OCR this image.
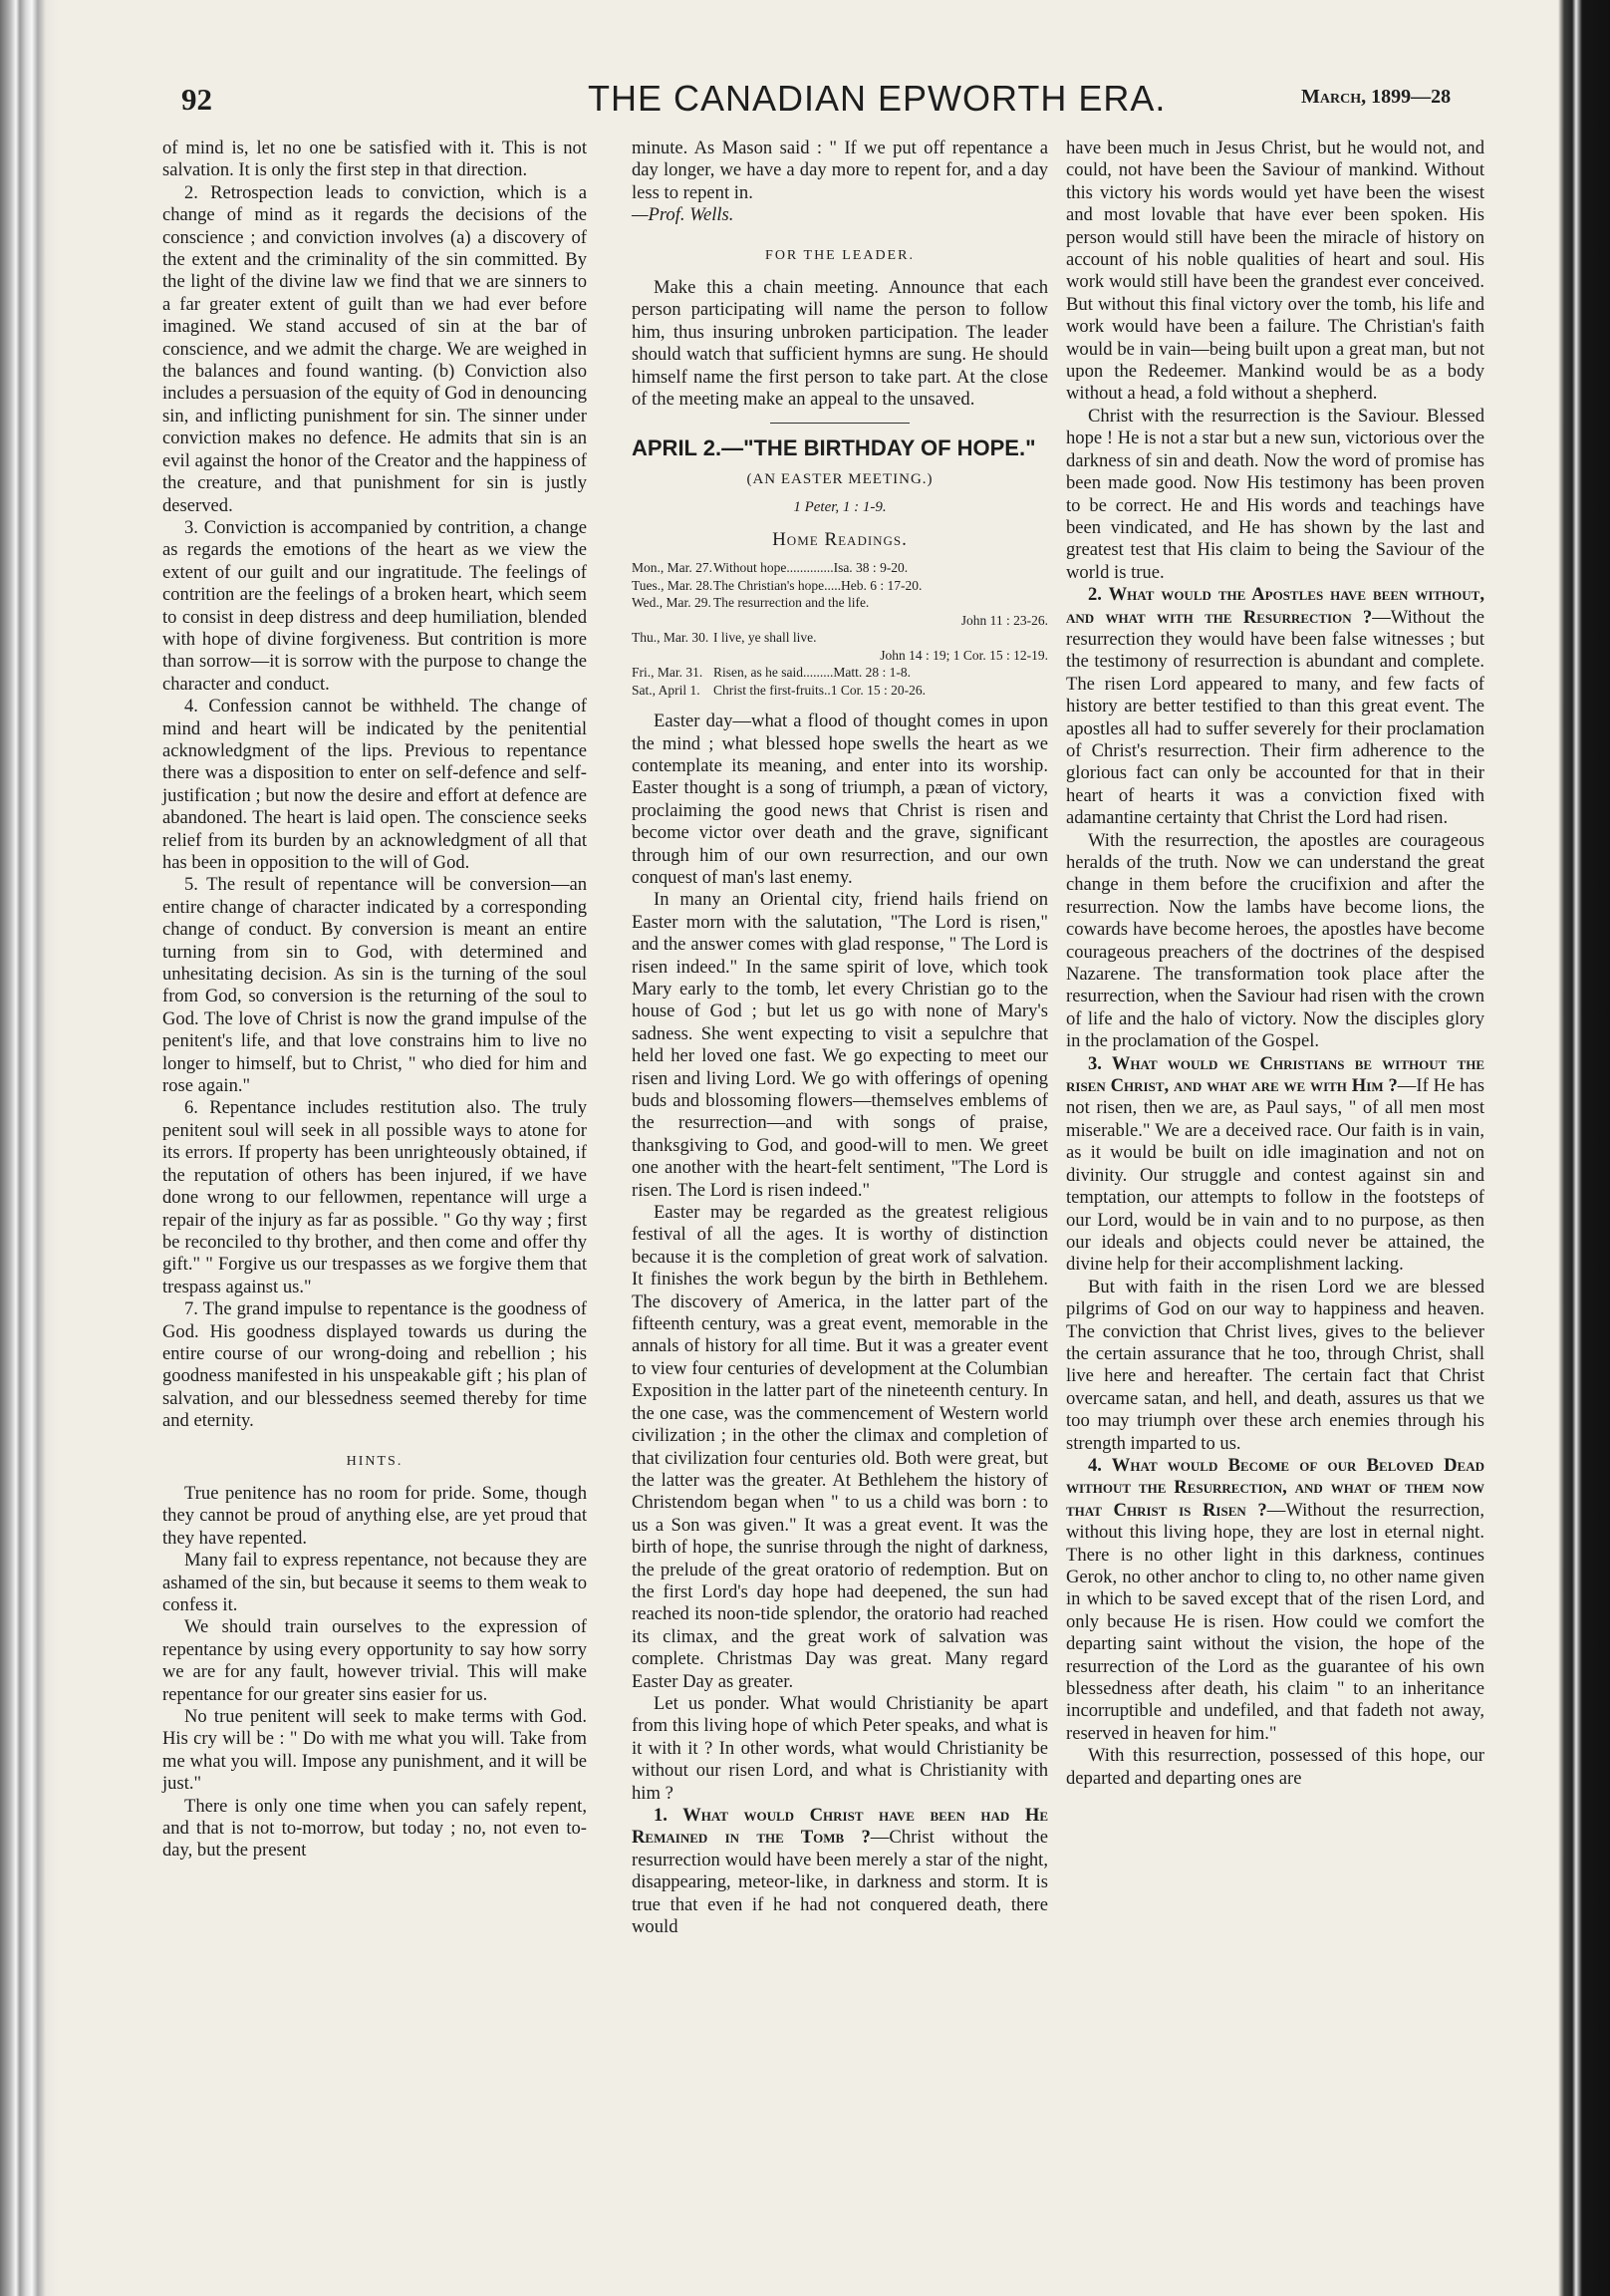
92	THE CANADIAN EPWORTH ERA.	March, 1899—28

of mind is, let no one be satisfied with it. This is not salvation. It is only the first step in that direction.

2. Retrospection leads to conviction, which is a change of mind as it regards the decisions of the conscience ; and conviction involves (a) a discovery of the extent and the criminality of the sin committed. By the light of the divine law we find that we are sinners to a far greater extent of guilt than we had ever before imagined. We stand accused of sin at the bar of conscience, and we admit the charge. We are weighed in the balances and found wanting. (b) Conviction also includes a persuasion of the equity of God in denouncing sin, and inflicting punishment for sin. The sinner under conviction makes no defence. He admits that sin is an evil against the honor of the Creator and the happiness of the creature, and that punishment for sin is justly deserved.

3. Conviction is accompanied by contrition, a change as regards the emotions of the heart as we view the extent of our guilt and our ingratitude. The feelings of contrition are the feelings of a broken heart, which seem to consist in deep distress and deep humiliation, blended with hope of divine forgiveness. But contrition is more than sorrow—it is sorrow with the purpose to change the character and conduct.

4. Confession cannot be withheld. The change of mind and heart will be indicated by the penitential acknowledgment of the lips. Previous to repentance there was a disposition to enter on self-defence and self-justification ; but now the desire and effort at defence are abandoned. The heart is laid open. The conscience seeks relief from its burden by an acknowledgment of all that has been in opposition to the will of God.

5. The result of repentance will be conversion—an entire change of character indicated by a corresponding change of conduct. By conversion is meant an entire turning from sin to God, with determined and unhesitating decision. As sin is the turning of the soul from God, so conversion is the returning of the soul to God. The love of Christ is now the grand impulse of the penitent's life, and that love constrains him to live no longer to himself, but to Christ, " who died for him and rose again."

6. Repentance includes restitution also. The truly penitent soul will seek in all possible ways to atone for its errors. If property has been unrighteously obtained, if the reputation of others has been injured, if we have done wrong to our fellowmen, repentance will urge a repair of the injury as far as possible. " Go thy way ; first be reconciled to thy brother, and then come and offer thy gift." " Forgive us our trespasses as we forgive them that trespass against us."

7. The grand impulse to repentance is the goodness of God. His goodness displayed towards us during the entire course of our wrong-doing and rebellion ; his goodness manifested in his unspeakable gift ; his plan of salvation, and our blessedness seemed thereby for time and eternity.

HINTS.

True penitence has no room for pride. Some, though they cannot be proud of anything else, are yet proud that they have repented.

Many fail to express repentance, not because they are ashamed of the sin, but because it seems to them weak to confess it.

We should train ourselves to the expression of repentance by using every opportunity to say how sorry we are for any fault, however trivial. This will make repentance for our greater sins easier for us.

No true penitent will seek to make terms with God. His cry will be : " Do with me what you will. Take from me what you will. Impose any punishment, and it will be just."

There is only one time when you can safely repent, and that is not to-morrow, but today ; no, not even to-day, but the present

minute. As Mason said : " If we put off repentance a day longer, we have a day more to repent for, and a day less to repent in.
—Prof. Wells.

FOR THE LEADER.

Make this a chain meeting. Announce that each person participating will name the person to follow him, thus insuring unbroken participation. The leader should watch that sufficient hymns are sung. He should himself name the first person to take part. At the close of the meeting make an appeal to the unsaved.

APRIL 2.—"THE BIRTHDAY OF HOPE."
(AN EASTER MEETING.)
1 Peter, 1 : 1-9.
Home Readings.
Mon., Mar. 27. Without hope..............Isa. 38 : 9-20.
Tues., Mar. 28. The Christian's hope.....Heb. 6 : 17-20.
Wed., Mar. 29. The resurrection and the life.
John 11 : 23-26.
Thu., Mar. 30. I live, ye shall live.
John 14 : 19; 1 Cor. 15 : 12-19.
Fri., Mar. 31. Risen, as he said.........Matt. 28 : 1-8.
Sat., April 1. Christ the first-fruits..1 Cor. 15 : 20-26.

Easter day—what a flood of thought comes in upon the mind ; what blessed hope swells the heart as we contemplate its meaning, and enter into its worship. Easter thought is a song of triumph, a pæan of victory, proclaiming the good news that Christ is risen and become victor over death and the grave, significant through him of our own resurrection, and our own conquest of man's last enemy.

In many an Oriental city, friend hails friend on Easter morn with the salutation, "The Lord is risen," and the answer comes with glad response, " The Lord is risen indeed." In the same spirit of love, which took Mary early to the tomb, let every Christian go to the house of God ; but let us go with none of Mary's sadness. She went expecting to visit a sepulchre that held her loved one fast. We go expecting to meet our risen and living Lord. We go with offerings of opening buds and blossoming flowers—themselves emblems of the resurrection—and with songs of praise, thanksgiving to God, and good-will to men. We greet one another with the heart-felt sentiment, "The Lord is risen. The Lord is risen indeed."

Easter may be regarded as the greatest religious festival of all the ages. It is worthy of distinction because it is the completion of great work of salvation. It finishes the work begun by the birth in Bethlehem. The discovery of America, in the latter part of the fifteenth century, was a great event, memorable in the annals of history for all time. But it was a greater event to view four centuries of development at the Columbian Exposition in the latter part of the nineteenth century. In the one case, was the commencement of Western world civilization ; in the other the climax and completion of that civilization four centuries old. Both were great, but the latter was the greater. At Bethlehem the history of Christendom began when " to us a child was born : to us a Son was given." It was a great event. It was the birth of hope, the sunrise through the night of darkness, the prelude of the great oratorio of redemption. But on the first Lord's day hope had deepened, the sun had reached its noon-tide splendor, the oratorio had reached its climax, and the great work of salvation was complete. Christmas Day was great. Many regard Easter Day as greater.

Let us ponder. What would Christianity be apart from this living hope of which Peter speaks, and what is it with it ? In other words, what would Christianity be without our risen Lord, and what is Christianity with him ?

1. What would Christ have been had He Remained in the Tomb ?—Christ without the resurrection would have been merely a star of the night, disappearing, meteor-like, in darkness and storm. It is true that even if he had not conquered death, there would

have been much in Jesus Christ, but he would not, and could, not have been the Saviour of mankind. Without this victory his words would yet have been the wisest and most lovable that have ever been spoken. His person would still have been the miracle of history on account of his noble qualities of heart and soul. His work would still have been the grandest ever conceived. But without this final victory over the tomb, his life and work would have been a failure. The Christian's faith would be in vain—being built upon a great man, but not upon the Redeemer. Mankind would be as a body without a head, a fold without a shepherd.

Christ with the resurrection is the Saviour. Blessed hope ! He is not a star but a new sun, victorious over the darkness of sin and death. Now the word of promise has been made good. Now His testimony has been proven to be correct. He and His words and teachings have been vindicated, and He has shown by the last and greatest test that His claim to being the Saviour of the world is true.

2. What would the Apostles have been without, and what with the Resurrection ?—Without the resurrection they would have been false witnesses ; but the testimony of resurrection is abundant and complete. The risen Lord appeared to many, and few facts of history are better testified to than this great event. The apostles all had to suffer severely for their proclamation of Christ's resurrection. Their firm adherence to the glorious fact can only be accounted for that in their heart of hearts it was a conviction fixed with adamantine certainty that Christ the Lord had risen.

With the resurrection, the apostles are courageous heralds of the truth. Now we can understand the great change in them before the crucifixion and after the resurrection. Now the lambs have become lions, the cowards have become heroes, the apostles have become courageous preachers of the doctrines of the despised Nazarene. The transformation took place after the resurrection, when the Saviour had risen with the crown of life and the halo of victory. Now the disciples glory in the proclamation of the Gospel.

3. What would we Christians be without the risen Christ, and what are we with Him ?—If He has not risen, then we are, as Paul says, " of all men most miserable." We are a deceived race. Our faith is in vain, as it would be built on idle imagination and not on divinity. Our struggle and contest against sin and temptation, our attempts to follow in the footsteps of our Lord, would be in vain and to no purpose, as then our ideals and objects could never be attained, the divine help for their accomplishment lacking.

But with faith in the risen Lord we are blessed pilgrims of God on our way to happiness and heaven. The conviction that Christ lives, gives to the believer the certain assurance that he too, through Christ, shall live here and hereafter. The certain fact that Christ overcame satan, and hell, and death, assures us that we too may triumph over these arch enemies through his strength imparted to us.

4. What would Become of our Beloved Dead without the Resurrection, and what of them now that Christ is Risen ?—Without the resurrection, without this living hope, they are lost in eternal night. There is no other light in this darkness, continues Gerok, no other anchor to cling to, no other name given in which to be saved except that of the risen Lord, and only because He is risen. How could we comfort the departing saint without the vision, the hope of the resurrection of the Lord as the guarantee of his own blessedness after death, his claim " to an inheritance incorruptible and undefiled, and that fadeth not away, reserved in heaven for him."

With this resurrection, possessed of this hope, our departed and departing ones are
